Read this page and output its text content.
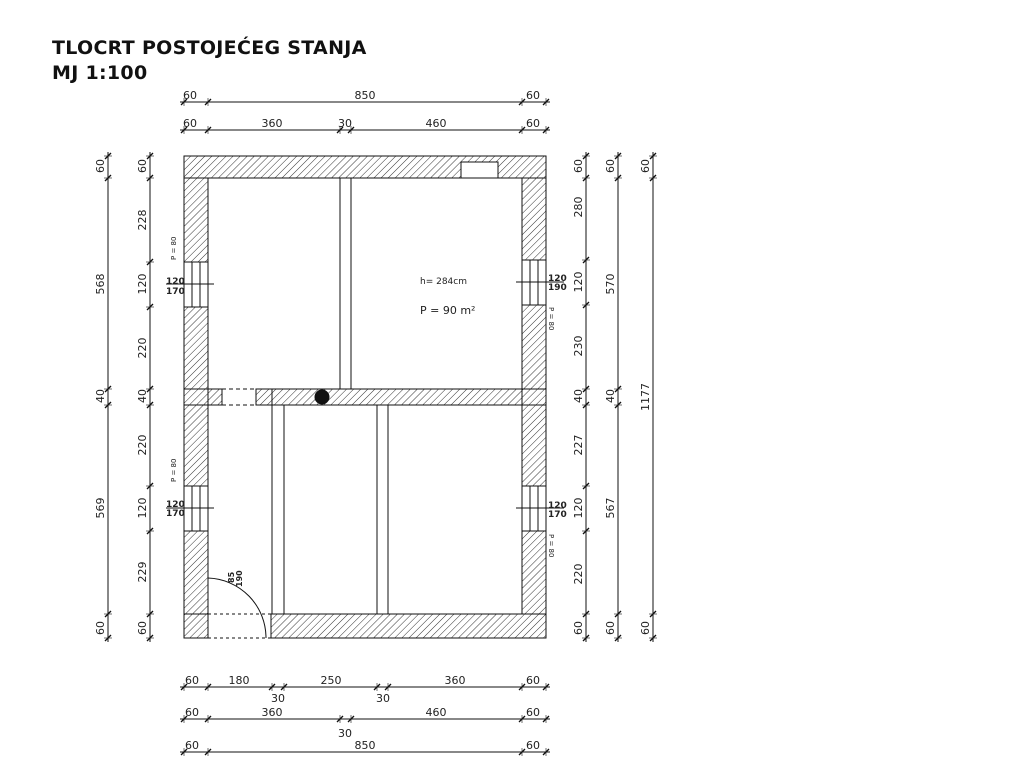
TLOCRT POSTOJEĆEG STANJA
MJ 1:100
h= 284cm
P = 90 m²
120
170
120
170
120
190
120
170
P = 80
P = 80
P = 80
P = 80
85 190
60	850	60
60	360	30	460	60
60	180
30
250
30
360	60
60	360
30
460	60
60	850	60
60
568
40
569
60
60
228
120
220
40
220
120
229
60
60
280
120
230
40
227
120
220
60
60
570
40
567
60
60
1177
60
